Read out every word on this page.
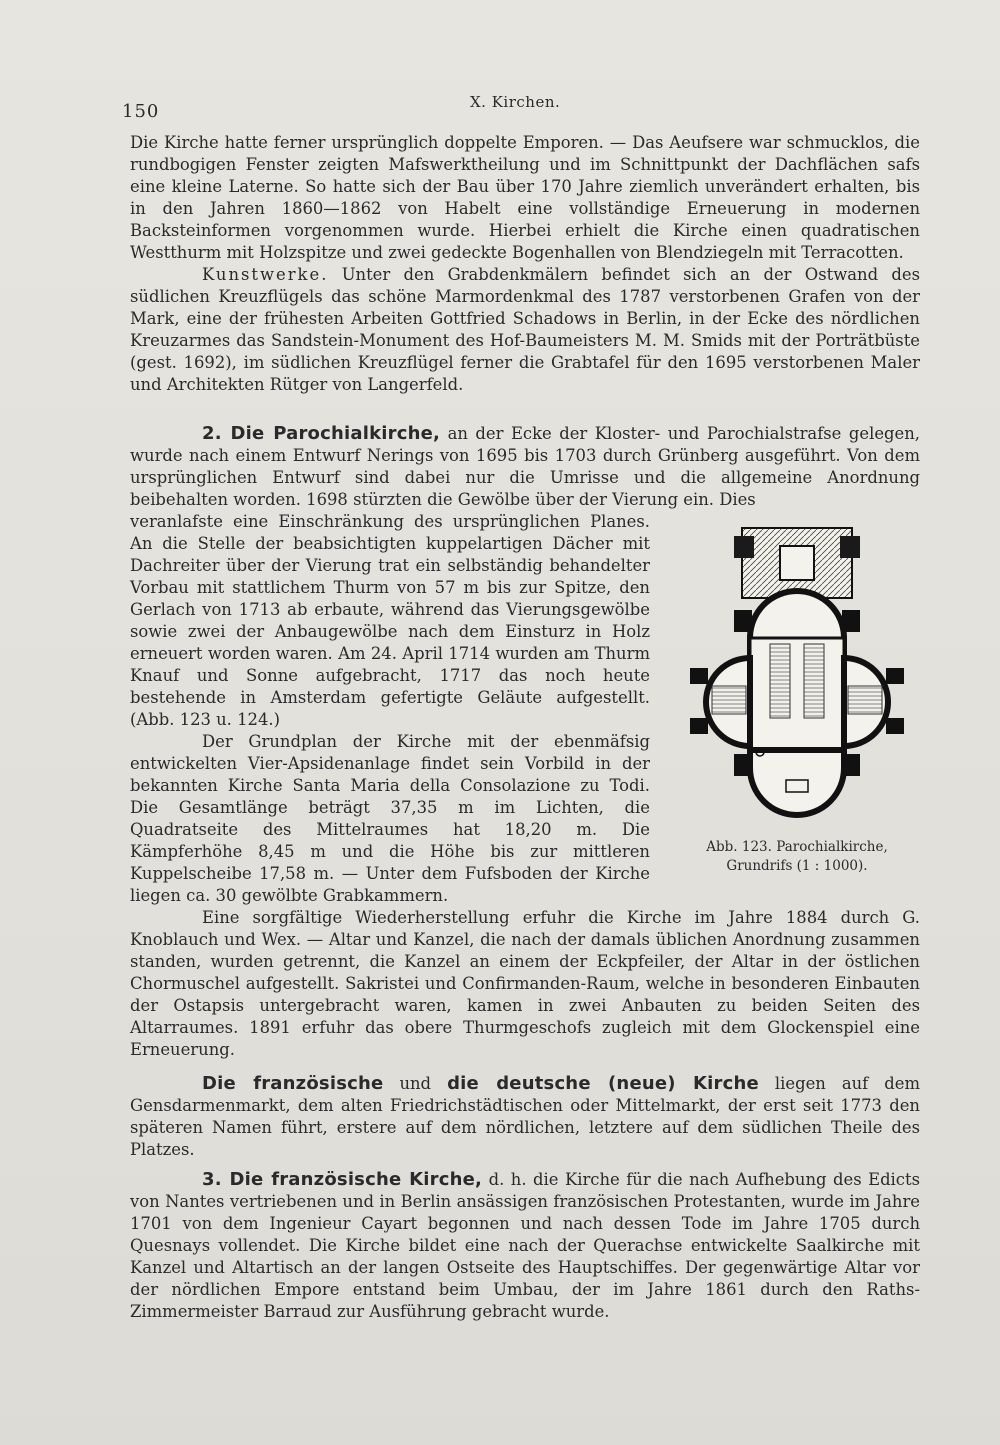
150	X. Kirchen.

Die Kirche hatte ferner ursprünglich doppelte Emporen. — Das Aeufsere war schmucklos, die rundbogigen Fenster zeigten Mafswerktheilung und im Schnittpunkt der Dachflächen safs eine kleine Laterne. So hatte sich der Bau über 170 Jahre ziemlich unverändert erhalten, bis in den Jahren 1860—1862 von Habelt eine vollständige Erneuerung in modernen Backsteinformen vorgenommen wurde. Hierbei erhielt die Kirche einen quadratischen Westthurm mit Holzspitze und zwei gedeckte Bogenhallen von Blendziegeln mit Terracotten.

Kunstwerke. Unter den Grabdenkmälern befindet sich an der Ostwand des südlichen Kreuzflügels das schöne Marmordenkmal des 1787 verstorbenen Grafen von der Mark, eine der frühesten Arbeiten Gottfried Schadows in Berlin, in der Ecke des nördlichen Kreuzarmes das Sandstein-Monument des Hof-Baumeisters M. M. Smids mit der Porträtbüste (gest. 1692), im südlichen Kreuzflügel ferner die Grabtafel für den 1695 verstorbenen Maler und Architekten Rütger von Langerfeld.

2. Die Parochialkirche, an der Ecke der Kloster- und Parochialstrafse gelegen, wurde nach einem Entwurf Nerings von 1695 bis 1703 durch Grünberg ausgeführt. Von dem ursprünglichen Entwurf sind dabei nur die Umrisse und die allgemeine Anordnung beibehalten worden. 1698 stürzten die Gewölbe über der Vierung ein. Dies

veranlafste eine Einschränkung des ursprünglichen Planes. An die Stelle der beabsichtigten kuppelartigen Dächer mit Dachreiter über der Vierung trat ein selbständig behandelter Vorbau mit stattlichem Thurm von 57 m bis zur Spitze, den Gerlach von 1713 ab erbaute, während das Vierungsgewölbe sowie zwei der Anbaugewölbe nach dem Einsturz in Holz erneuert worden waren. Am 24. April 1714 wurden am Thurm Knauf und Sonne aufgebracht, 1717 das noch heute bestehende in Amsterdam gefertigte Geläute aufgestellt. (Abb. 123 u. 124.)

Der Grundplan der Kirche mit der ebenmäfsig entwickelten Vier-Apsidenanlage findet sein Vorbild in der bekannten Kirche Santa Maria della Consolazione zu Todi. Die Gesamtlänge beträgt 37,35 m im Lichten, die Quadratseite des Mittelraumes hat 18,20 m. Die Kämpferhöhe 8,45 m und die Höhe bis zur mittleren Kuppelscheibe 17,58 m. — Unter dem Fufsboden der Kirche liegen ca. 30 gewölbte Grabkammern.

Abb. 123. Parochialkirche,
Grundrifs (1 : 1000).

Eine sorgfältige Wiederherstellung erfuhr die Kirche im Jahre 1884 durch G. Knoblauch und Wex. — Altar und Kanzel, die nach der damals üblichen Anordnung zusammen standen, wurden getrennt, die Kanzel an einem der Eckpfeiler, der Altar in der östlichen Chormuschel aufgestellt. Sakristei und Confirmanden-Raum, welche in besonderen Einbauten der Ostapsis untergebracht waren, kamen in zwei Anbauten zu beiden Seiten des Altarraumes. 1891 erfuhr das obere Thurmgeschofs zugleich mit dem Glockenspiel eine Erneuerung.

Die französische und die deutsche (neue) Kirche liegen auf dem Gensdarmenmarkt, dem alten Friedrichstädtischen oder Mittelmarkt, der erst seit 1773 den späteren Namen führt, erstere auf dem nördlichen, letztere auf dem südlichen Theile des Platzes.

3. Die französische Kirche, d. h. die Kirche für die nach Aufhebung des Edicts von Nantes vertriebenen und in Berlin ansässigen französischen Protestanten, wurde im Jahre 1701 von dem Ingenieur Cayart begonnen und nach dessen Tode im Jahre 1705 durch Quesnays vollendet. Die Kirche bildet eine nach der Querachse entwickelte Saalkirche mit Kanzel und Altartisch an der langen Ostseite des Hauptschiffes. Der gegenwärtige Altar vor der nördlichen Empore entstand beim Umbau, der im Jahre 1861 durch den Raths-Zimmermeister Barraud zur Ausführung gebracht wurde.
